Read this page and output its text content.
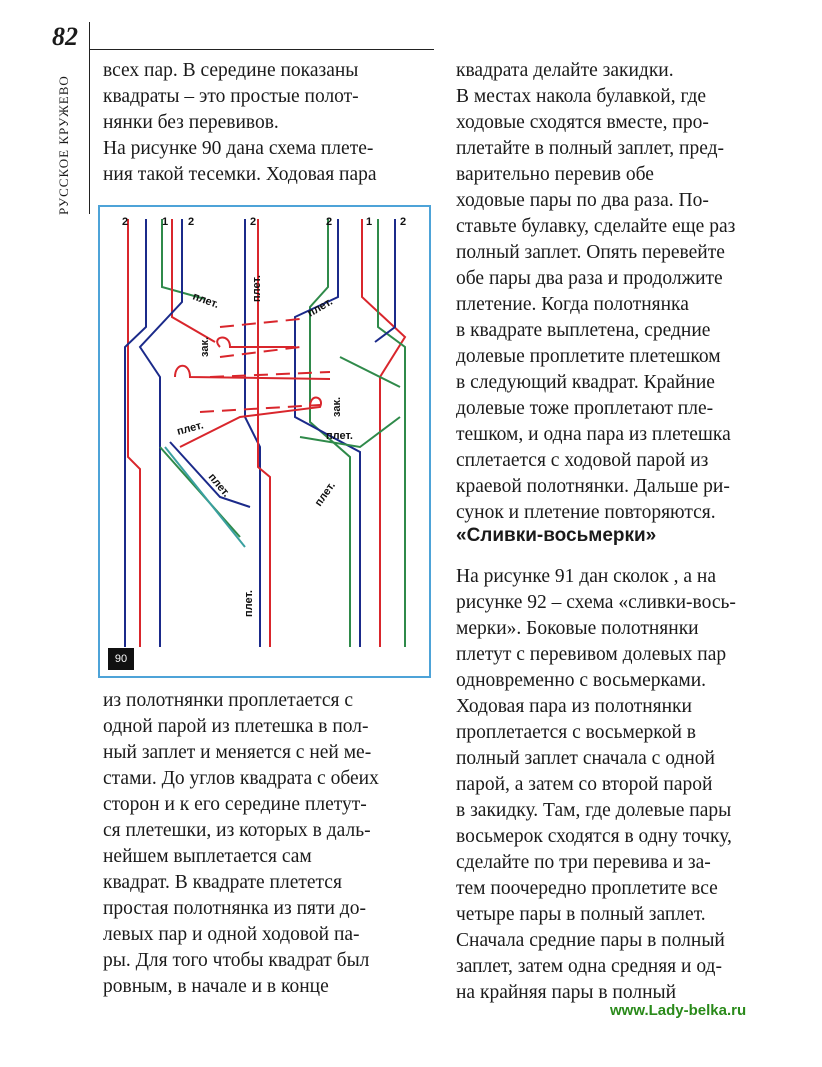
82
РУССКОЕ КРУЖЕВО

всех пар. В середине показаны

квадраты – это простые полот-

нянки без перевивов.

На рисунке 90 дана схема плете-

ния такой тесемки. Ходовая пара

2	1 2	2	2	1	2
плет.	плет.
плет.
зак.
плет.
зак.
плет.
плет.	плет.
плет.
90

из полотнянки проплетается с

одной парой из плетешка в пол-

ный заплет и меняется с ней ме-

стами. До углов квадрата с обеих

сторон и к его середине плетут-

ся плетешки, из которых в даль-

нейшем выплетается сам

квадрат. В квадрате плетется

простая полотнянка из пяти до-

левых пар и одной ходовой па-

ры. Для того чтобы квадрат был

ровным, в начале и в конце

квадрата делайте закидки.

В местах накола булавкой, где

ходовые сходятся вместе, про-

плетайте в полный заплет, пред-

варительно перевив обе

ходовые пары по два раза. По-

ставьте булавку, сделайте еще раз

полный заплет. Опять перевейте

обе пары два раза и продолжите

плетение. Когда полотнянка

в квадрате выплетена, средние

долевые проплетите плетешком

в следующий квадрат. Крайние

долевые тоже проплетают пле-

тешком, и одна пара из плетешка

сплетается с ходовой парой из

краевой полотнянки. Дальше ри-

сунок и плетение повторяются.

«Сливки-восьмерки»

На рисунке 91 дан сколок , а на

рисунке 92 – схема «сливки-вось-

мерки». Боковые полотнянки

плетут с перевивом долевых пар

одновременно с восьмерками.

Ходовая пара из полотнянки

проплетается с восьмеркой в

полный заплет сначала с одной

парой, а затем со второй парой

в закидку. Там, где долевые пары

восьмерок сходятся в одну точку,

сделайте по три перевива и за-

тем поочередно проплетите все

четыре пары в полный заплет.

Сначала средние пары в полный

заплет, затем одна средняя и од-

на крайняя пары в полный

www.Lady-belka.ru
